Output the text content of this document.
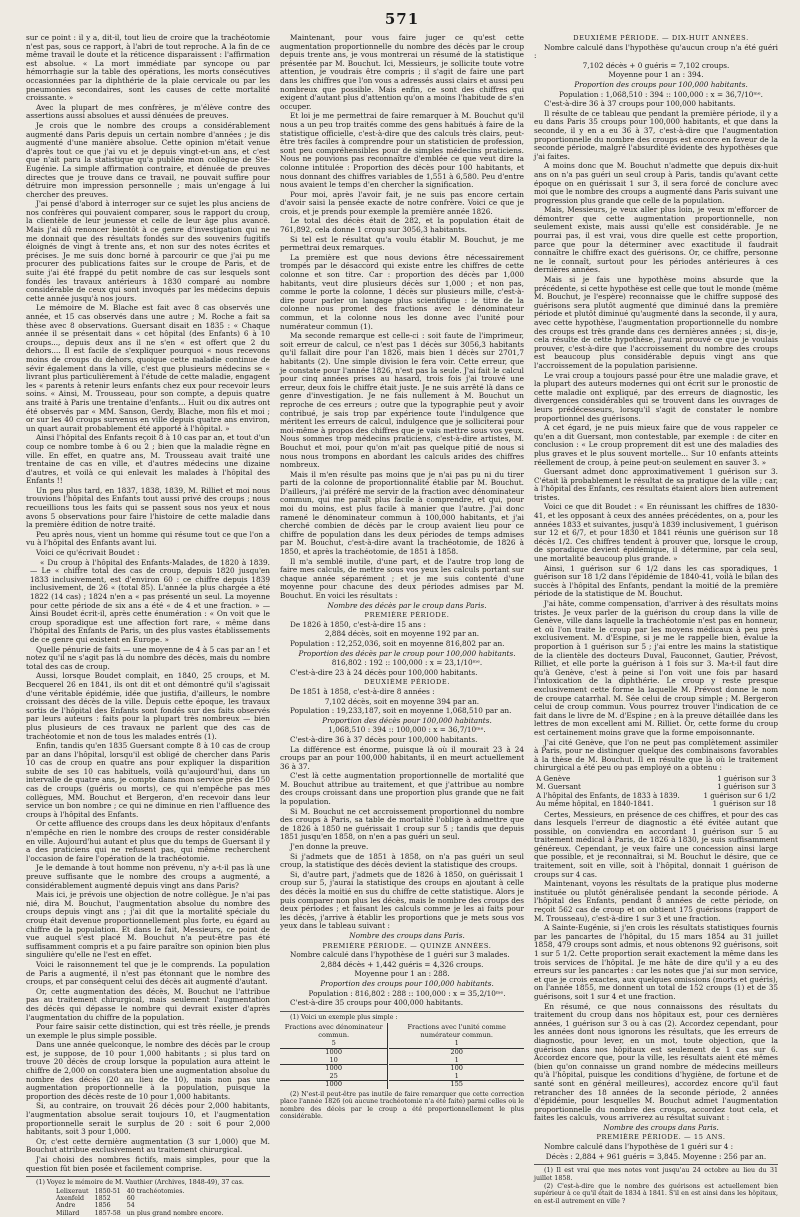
571

sur ce point : il y a, dit-il, tout lieu de croire que la trachéotomie n'est pas, sous ce rapport, à l'abri de tout reproche. A la fin de ce même travail le doute et la réticence disparaissent : l'affirmation est absolue. « La mort immédiate par syncope ou par hémorrhagie sur la table des opérations, les morts consécutives occasionnées par la diphthérie de la plaie cervicale ou par les pneumonies secondaires, sont les causes de cette mortalité croissante. »

Avec la plupart de mes confrères, je m'élève contre des assertions aussi absolues et aussi dénuées de preuves.

Je crois que le nombre des croups a considérablement augmenté dans Paris depuis un certain nombre d'années ; je dis augmenté d'une manière absolue. Cette opinion m'était venue d'après tout ce que j'ai vu et je depuis vingt-et-un ans, et c'est que n'ait paru la statistique qu'a publiée mon collègue de Ste-Eugénie. La simple affirmation contraire, et dénuée de preuves directes que je trouve dans ce travail, ne pouvait suffire pour détruire mon impression personnelle ; mais un'engage à lui chercher des preuves.

J'ai pensé d'abord à interroger sur ce sujet les plus anciens de nos confrères qui pouvaient comparer, sous le rapport du croup, la clientèle de leur jeunesse et celle de leur âge plus avancé. Mais j'ai dû renoncer bientôt à ce genre d'investigation qui ne me donnait que des résultats fondés sur des souvenirs fugitifs éloignés de vingt à trente ans, et non sur des notes écrites et précises. Je me suis donc borné à parcourir ce que j'ai pu me procurer des publications faites sur le croupe de Paris, et de suite j'ai été frappé du petit nombre de cas sur lesquels sont fondés les travaux antérieurs à 1830 comparé au nombre considérable de ceux qui sont invoqués par les médecins depuis cette année jusqu'à nos jours.

Le mémoire de M. Blache est fait avec 8 cas observés une année, et 15 cas observés dans une autre ; M. Roche a fait sa thèse avec 8 observations. Guersant disait en 1835 : « Chaque année il se présentait dans « cet hôpital (des Enfants) 6 à 10 croups..., depuis deux ans il ne s'en « est offert que 2 du dehors.... Il est facile de s'expliquer pourquoi « nous recevons moins de croups du dehors, quoique cette maladie continue de sévir également dans la ville, c'est que plusieurs médecins se « livrant plus particulièrement à l'étude de cette maladie, engagent les « parents à retenir leurs enfants chez eux pour recevoir leurs soins. « Ainsi, M. Trousseau, pour son compte, a depuis quatre ans traité à Paris une trentaine d'enfants... Huit ou dix autres ont été observés par « MM. Sanson, Gerdy, Blache, mon fils et moi ; or sur les 40 croups survenus en ville depuis quatre ans environ, un quart aurait probablement été apporté à l'hôpital. »

Ainsi l'hôpital des Enfants reçoit 8 à 10 cas par an, et tout d'un coup ce nombre tombe à 6 ou 2 ; bien que la maladie règne en ville. En effet, en quatre ans, M. Trousseau avait traité une trentaine de cas en ville, et d'autres médecins une dizaine d'autres, et voilà ce qui enlevait les malades à l'hôpital des Enfants !!

Un peu plus tard, en 1837, 1838, 1839, M. Rilliet et moi nous trouvions l'hôpital des Enfants tout aussi privé des croups ; nous recueillions tous les faits qui se passent sous nos yeux et nous avons 5 observations pour faire l'histoire de cette maladie dans la première édition de notre traité.

Peu après nous, vient un homme qui résume tout ce que l'on a vu à l'hôpital des Enfants avant lui.

Voici ce qu'écrivait Boudet :

« Du croup à l'hôpital des Enfants-Malades, de 1820 à 1839. — Le « chiffre total des cas de croup, depuis 1820 jusqu'en 1833 inclusivement, est d'environ 60 : ce chiffre depuis 1839 inclusivement, de 26 « (total 85). L'année la plus chargée a été 1822 (14 cas) ; 1824 n'en a « pas présenté un seul. La moyenne pour cette période de six ans a été « de 4 et une fraction. » — Ainsi Boudet écrit-il, après cette énumération : « On voit que le croup sporadique est une affection fort rare, « même dans l'hôpital des Enfants de Paris, un des plus vastes établissements de ce genre qui existent en Europe. »

Quelle pénurie de faits — une moyenne de 4 à 5 cas par an ! et notez qu'il ne s'agit pas là du nombre des décès, mais du nombre total des cas de croup.

Aussi, lorsque Boudet complait, en 1840, 25 croups, et M. Becquerel 26 en 1841, ils ont dit et ont démontré qu'il s'agissait d'une véritable épidémie, idée que justifia, d'ailleurs, le nombre croissant des décès de la ville. Depuis cette époque, les travaux sortis de l'hôpital des Enfants sont fondés sur des faits observés par leurs auteurs : faits pour la plupart très nombreux — bien plus plusieurs de ces travaux ne parlent que des cas de trachéotomie et non de tous les malades entrés (1).

Enfin, tandis qu'en 1835 Guersant compte 8 à 10 cas de croup par an dans l'hôpital, lorsqu'il est obligé de chercher dans Paris 10 cas de croup en quatre ans pour expliquer la disparition subite de ses 10 cas habituels, voilà qu'aujourd'hui, dans un intervalle de quatre ans, je compte dans mon service près de 150 cas de croups (guéris ou morts), ce qui n'empêche pas mes collègues, MM. Bouchut et Bergeron, d'en recevoir dans leur service un bon nombre ; ce qui ne diminue en rien l'affluence des croups à l'hôpital des Enfants.

Or cette affluence des croups dans les deux hôpitaux d'enfants n'empêche en rien le nombre des croups de rester considérable en ville. Aujourd'hui autant et plus que du temps de Guersant il y a des praticiens qui ne refusent pas, qui même recherchent l'occasion de faire l'opération de la trachéotomie.

Je le demande à tout homme non prévenu, n'y a-t-il pas là une preuve suffisante que le nombre des croups a augmenté, a considérablement augmenté depuis vingt ans dans Paris?

Mais ici, je prévois une objection de notre collègue. Je n'ai pas nié, dira M. Bouchut, l'augmentation absolue du nombre des croups depuis vingt ans ; j'ai dit que la mortalité spéciale du croup était devenue proportionnellement plus forte, eu égard au chiffre de la population. Et dans le fait, Messieurs, ce point de vue auquel s'est placé M. Bouchut n'a peut-être pas été suffisamment compris et a pu faire paraître son opinion bien plus singulière qu'elle ne l'est en effet.

Voici le raisonnement tel que je le comprends. La population de Paris a augmenté, il n'est pas étonnant que le nombre des croups, et par conséquent celui des décès ait augmenté d'autant.

Or, cette augmentation des décès, M. Bouchut ne l'attribue pas au traitement chirurgical, mais seulement l'augmentation des décès qui dépasse le nombre qui devrait exister d'après l'augmentation du chiffre de la population.

Pour faire saisir cette distinction, qui est très réelle, je prends un exemple le plus simple possible.

Dans une année quelconque, le nombre des décès par le croup est, je suppose, de 10 pour 1,000 habitants ; si plus tard on trouve 20 décès de croup lorsque la population aura atteint le chiffre de 2,000 on constatera bien une augmentation absolue du nombre des décès (20 au lieu de 10), mais non pas une augmentation proportionnelle à la population, puisque la proportion des décès reste de 10 pour 1,000 habitants.

Si, au contraire, on trouvait 26 décès pour 2,000 habitants, l'augmentation absolue serait toujours 10, et l'augmentation proportionnelle serait le surplus de 20 : soit 6 pour 2,000 habitants, soit 3 pour 1,000.

Or, c'est cette dernière augmentation (3 sur 1,000) que M. Bouchut attribue exclusivement au traitement chirurgical.

J'ai choisi des nombres fictifs, mais simples, pour que la question fût bien posée et facilement comprise.

(1) Voyez le mémoire de M. Vauthier (Archives, 1848-49), 37 cas.

Lelixeraut	1850-51	40 trachéotomies.
Axenfeld	1852	60
Andre	1856	54
Millard	1857-58	un plus grand nombre encore.

Maintenant, pour vous faire juger ce qu'est cette augmentation proportionnelle du nombre des décès par le croup depuis trente ans, je vous montrerai un résumé de la statistique présentée par M. Bouchut. Ici, Messieurs, je sollicite toute votre attention, je voudrais être compris ; il s'agit de faire une part dans les chiffres que l'on vous a adressés aussi clairs et aussi peu nombreux que possible. Mais enfin, ce sont des chiffres qui exigent d'autant plus d'attention qu'on a moins l'habitude de s'en occuper.

Et loi je me permettrai de faire remarquer à M. Bouchut qu'il nous a un peu trop traités comme des gens habitués à faire de la statistique officielle, c'est-à-dire que des calculs très clairs, peut-être très faciles à comprendre pour un statisticien de profession, sont peu compréhensibles pour de simples médecins praticiens. Nous ne pouvions pas reconnaître d'emblée ce que veut dire la colonne intitulée : Proportion des décès pour 100 habitants, et nous donnant des chiffres variables de 1,551 à 6,580. Peu d'entre nous avaient le temps d'en chercher la signification.

Pour moi, après l'avoir fait, je ne suis pas encore certain d'avoir saisi la pensée exacte de notre confrère. Voici ce que je crois, et je prends pour exemple la première année 1826.

Le total des décès était de 282, et la population était de 761,892, cela donne 1 croup sur 3056,3 habitants.

Si tel est le résultat qu'a voulu établir M. Bouchut, je me permettrai deux remarques.

La première est que nous devions être nécessairement trompés par le désaccord qui existe entre les chiffres de cette colonne et son titre. Car : proportion des décès par 1,000 habitants, veut dire plusieurs décès sur 1,000 ; et non pas, comme le porte la colonne, 1 décès sur plusieurs mille, c'est-à-dire pour parler un langage plus scientifique : le titre de la colonne nous promet des fractions avec le dénominateur commun, et la colonne nous les donne avec l'unité pour numérateur commun (1).

Ma seconde remarque est celle-ci : soit faute de l'imprimeur, soit erreur de calcul, ce n'est pas 1 décès sur 3056,3 habitants qu'il fallait dire pour l'an 1826, mais bien 1 décès sur 2701,7 habitants (2). Une simple division le fera voir. Cette erreur, que je constate pour l'année 1826, n'est pas la seule. J'ai fait le calcul pour cinq années prises au hasard, trois fois j'ai trouvé une erreur, deux fois le chiffre était juste. Je ne suis arrêté là dans ce genre d'investigation. Je ne fais nullement à M. Bouchut un reproche de ces erreurs ; outre que la typographie peut y avoir contribué, je sais trop par expérience toute l'indulgence que méritent les erreurs de calcul, indulgence que je solliciterai pour moi-même à propos des chiffres que je vais mettre sous vos yeux. Nous sommes trop médecins praticiens, c'est-à-dire artistes, M. Bouchut et moi, pour qu'on m'ait pas quelque pitié de nous si nous nous trompons en abordant les calculs arides des chiffres nombreux.

Mais il m'en résulte pas moins que je n'ai pas pu ni du tirer parti de la colonne de proportionnalité établie par M. Bouchut. D'ailleurs, j'ai préféré me servir de la fraction avec dénominateur commun, qui me paraît plus facile à comprendre, et qui, pour moi du moins, est plus facile à manier que l'autre. J'ai donc ramené le dénominateur commun à 100,000 habitants, et j'ai cherché combien de décès par le croup avaient lieu pour ce chiffre de population dans les deux périodes de temps admises par M. Bouchut, c'est-à-dire avant la trachéotomie, de 1826 à 1850, et après la trachéotomie, de 1851 à 1858.

Il m'a semblé inutile, d'une part, et de l'autre trop long de faire mes calculs, de mettre sous vos yeux les calculs portant sur chaque année séparément ; et je me suis contenté d'une moyenne pour chacune des deux périodes admises par M. Bouchut. En voici les résultats :

Nombre des décès par le croup dans Paris.

PREMIÈRE PÉRIODE.

De 1826 à 1850, c'est-à-dire 15 ans :

2,884 décès, soit en moyenne 192 par an.

Population : 12,252,036, soit en moyenne 816,802 par an.

Proportion des décès par le croup pour 100,000 habitants.

816,802 : 192 :: 100,000 : x = 23,1/10ᵐᵉ.

C'est-à-dire 23 à 24 décès pour 100,000 habitants.

DEUXIÈME PÉRIODE.

De 1851 à 1858, c'est-à-dire 8 années :

7,102 décès, soit en moyenne 394 par an.

Population : 19,233,187, soit en moyenne 1,068,510 par an.

Proportion des décès pour 100,000 habitants.

1,068,510 : 394 :: 100,000 : x = 36,7/10ᵐᵉ.

C'est-à-dire 36 à 37 décès pour 100,000 habitants.

La différence est énorme, puisque là où il mourait 23 à 24 croups par an pour 100,000 habitants, il en meurt actuellement 36 à 37.

C'est là cette augmentation proportionnelle de mortalité que M. Bouchut attribue au traitement, et que j'attribue au nombre des croups croissant dans une proportion plus grande que ne fait la population.

Si M. Bouchut ne cet accroissement proportionnel du nombre des croups à Paris, sa table de mortalité l'oblige à admettre que de 1826 à 1850 ne guérissait 1 croup sur 5 ; tandis que depuis 1851 jusqu'en 1858, on n'en a pas guéri un seul.

J'en donne la preuve.

Si j'admets que de 1851 à 1858, on n'a pas guéri un seul croup, la statistique des décès devient la statistique des croups.

Si, d'autre part, j'admets que de 1826 à 1850, on guérissait 1 croup sur 5, j'aurai la statistique des croups en ajoutant à celle des décès la moitié en sus du chiffre de cette statistique. Alors je puis comparer non plus les décès, mais le nombre des croups des deux périodes ; et faisant les calculs comme je les ai faits pour les décès, j'arrive à établir les proportions que je mets sous vos yeux dans le tableau suivant :

Nombre des croups dans Paris.

PREMIÈRE PÉRIODE. — QUINZE ANNÉES.

Nombre calculé dans l'hypothèse de 1 guéri sur 3 malades.

2,884 décès + 1,442 guéris = 4,326 croups.

Moyenne pour 1 an : 288.

Proportion des croups pour 100,000 habitants.

Population : 816,802 : 288 :: 100,000 : x = 35,2/10ᵐᵉ.

C'est-à-dire 35 croups pour 400,000 habitants.

(1) Voici un exemple plus simple :

Fractions avec dénominateur commun.		Fractions avec l'unité comme numérateur commun.
5		1
1000		200
10		1
1000		100
25		1
1000		155

(2) N'est-il peut-être pas inutile de faire remarquer que cette correction place l'année 1826 (où aucune trachéotomie n'a été faite) parmi celles où le nombre des décès par le croup a été proportionnellement le plus considérable.

DEUXIÈME PÉRIODE. — DIX-HUIT ANNÉES.

Nombre calculé dans l'hypothèse qu'aucun croup n'a été guéri :

7,102 décès + 0 guéris = 7,102 croups.

Moyenne pour 1 an : 394.

Proportion des croups pour 100,000 habitants.

Population : 1,068,510 : 394 :: 100,000 : x = 36,7/10ᵐᵉ.

C'est-à-dire 36 à 37 croups pour 100,000 habitants.

Il résulte de ce tableau que pendant la première période, il y a eu dans Paris 35 croups pour 100,000 habitants, et que dans la seconde, il y en a eu 36 à 37, c'est-à-dire que l'augmentation proportionnelle du nombre des croups est encore en faveur de la seconde période, malgré l'absurdité évidente des hypothèses que j'ai faites.

A moins donc que M. Bouchut n'admette que depuis dix-huit ans on n'a pas guéri un seul croup à Paris, tandis qu'avant cette époque on en guérissait 1 sur 3, il sera forcé de conclure avec moi que le nombre des croups a augmenté dans Paris suivant une progression plus grande que celle de la population.

Mais, Messieurs, je veux aller plus loin, je veux m'efforcer de démontrer que cette augmentation proportionnelle, non seulement existe, mais aussi qu'elle est considérable. Je ne pourrai pas, il est vrai, vous dire quelle est cette proportion, parce que pour la déterminer avec exactitude il faudrait connaître le chiffre exact des guérisons. Or, ce chiffre, personne ne le connaît, surtout pour les périodes antérieures à ces dernières années.

Mais si je fais une hypothèse moins absurde que la précédente, si cette hypothèse est celle que tout le monde (même M. Bouchut, je l'espère) reconnaisse que le chiffre supposé des guérisons sera plutôt augmenté que diminué dans la première période et plutôt diminué qu'augmenté dans la seconde, il y aura, avec cette hypothèse, l'augmentation proportionnelle du nombre des croups est très grande dans ces dernières années ; si, dis-je, cela résulte de cette hypothèse, j'aurai prouvé ce que je voulais prouver, c'est-à-dire que l'accroissement du nombre des croups est beaucoup plus considérable depuis vingt ans que l'accroissement de la population parisienne.

Le vrai croup a toujours passé pour être une maladie grave, et la plupart des auteurs modernes qui ont écrit sur le pronostic de cette maladie ont expliqué, par des erreurs de diagnostic, les divergences considérables qui se trouvent dans les ouvrages de leurs prédécesseurs, lorsqu'il s'agit de constater le nombre proportionnel des guérisons.

A cet égard, je ne puis mieux faire que de vous rappeler ce qu'en a dit Guersant, mon contestable, par exemple : de citer en conclusion : « Le croup proprement dit est une des maladies des plus graves et le plus souvent mortelle... Sur 10 enfants atteints réellement de croup, à peine peut-on seulement en sauver 3. »

Guersant admet donc approximativement 1 guérison sur 3. C'était là probablement le résultat de sa pratique de la ville ; car, à l'hôpital des Enfants, ces résultats étaient alors bien autrement tristes.

Voici ce que dit Boudet : « En réunissant les chiffres de 1830-41, et les opposant à ceux des années précédentes, on a, pour les années 1833 et suivantes, jusqu'à 1839 inclusivement, 1 guérison sur 12 et 6/7, et pour 1830 et 1841 réunis une guérison sur 18 décès 1/2. Ces chiffres tendent à prouver que, lorsque le croup, de sporadique devient épidémique, il détermine, par cela seul, une mortalité beaucoup plus grande. »

Ainsi, 1 guérison sur 6 1/2 dans les cas sporadiques, 1 guérison sur 18 1/2 dans l'épidémie de 1840-41, voilà le bilan des succès à l'hôpital des Enfants, pendant la moitié de la première période de la statistique de M. Bouchut.

J'ai hâte, comme compensation, d'arriver à des résultats moins tristes. Je veux parler de la guérison du croup dans la ville de Genève, ville dans laquelle la trachéotomie n'est pas en honneur, et où l'on traite le croup par les moyens médicaux à peu près exclusivement. M. d'Espine, si je me le rappelle bien, évalue la proportion à 1 guérison sur 5 ; j'ai entre les mains la statistique de la clientèle des docteurs Duval, Fauconnet, Gautier, Prévost, Rilliet, et elle porte la guérison à 1 fois sur 3. Ma-t-il faut dire qu'à Genève, c'est à peine si l'on voit une fois par hasard l'intoxication de la diphthérie. Le croup y reste presque exclusivement cette forme la laquelle M. Prévost donne le nom de croupe catarrhal. M. Sée celui de croup simple ; M. Bergeron celui de croup commun. Vous pourrez trouver l'indication de ce fait dans le livre de M. d'Espine ; en à la preuve détaillée dans les lettres de mon excellent ami M. Rilliet. Or, cette forme du croup est certainement moins grave que la forme empoisonnante.

J'ai cité Genève, que l'on ne peut pas complètement assimiler à Paris, pour ne distinguer quelque des combinaisons favorables à la thèse de M. Bouchut. Il en résulte que là où le traitement chirurgical a été peu ou pas employé on a obtenu :

A Genève	1 guérison sur 3
M. Guersant	1 guérison sur 3
A l'hôpital des Enfants, de 1833 à 1839.	1 guérison sur 6 1/2
Au même hôpital, en 1840-1841.	1 guérison sur 18

Certes, Messieurs, en présence de ces chiffres, et pour des cas dans lesquels l'erreur de diagnostic a été évitée autant que possible, on conviendra en accordant 1 guérison sur 5 au traitement médical à Paris, de 1826 à 1830, je suis suffisamment généreux. Cependant, je veux faire une concession ainsi large que possible, et je reconnaîtrai, si M. Bouchut le désire, que ce traitement, soit en ville, soit à l'hôpital, donnait 1 guérison de croups sur 4 cas.

Maintenant, voyons les résultats de la pratique plus moderne instituée ou plutôt généralisée pendant la seconde période. A l'hôpital des Enfants, pendant 8 années de cette période, on reçoit 562 cas de croup et on obtient 175 guérisons (rapport de M. Trousseau), c'est-à-dire 1 sur 3 et une fraction.

A Sainte-Eugénie, si j'en crois les résultats statistiques fournis par les pancartes de l'hôpital, du 15 mars 1854 au 31 juillet 1858, 479 croups sont admis, et nous obtenons 92 guérisons, soit 1 sur 5 1/2. Cette proportion serait exactement la même dans les trois services de l'hôpital. Je me hâte de dire qu'il y a eu des erreurs sur les pancartes : car les notes que j'ai sur mon service, et que je crois exactes, aux quelques omissions (morts et guéris), on l'année 1855, me donnent un total de 152 croups (1) et de 35 guérisons, soit 1 sur 4 et une fraction.

En résumé, ce que nous connaissons des résultats du traitement du croup dans nos hôpitaux est, pour ces dernières années, 1 guérison sur 3 ou à cas (2). Accordez cependant, pour les années dont nous ignorons les résultats, que les erreurs de diagnostic, pour lever, en un mot, toute objection, que la guérison dans nos hôpitaux est seulement de 1 cas sur 6. Accordez encore que, pour la ville, les résultats aient été mêmes (bien qu'on connaisse un grand nombre de médecins meilleurs qu'à l'hôpital, puisque les conditions d'hygiène, de fortune et de santé sont en général meilleures), accordez encore qu'il faut retrancher des 18 années de la seconde période, 2 années d'épidémie, pour lesquelles M. Bouchut admet l'augmentation proportionnelle du nombre des croups, accordez tout cela, et faites les calculs, vous arriverez au résultat suivant :

Nombre des croups dans Paris.

PREMIÈRE PÉRIODE. — 15 ANS.

Nombre calculé dans l'hypothèse de 1 guéri sur 4 :

Décès : 2,884 + 961 guéris = 3,845. Moyenne : 256 par an.

(1) Il est vrai que mes notes vont jusqu'au 24 octobre au lieu du 31 juillet 1858.

(2) C'est-à-dire que le nombre des guérisons est actuellement bien supérieur à ce qu'il était de 1834 à 1841. S'il en est ainsi dans les hôpitaux, en est-il autrement en ville ?
